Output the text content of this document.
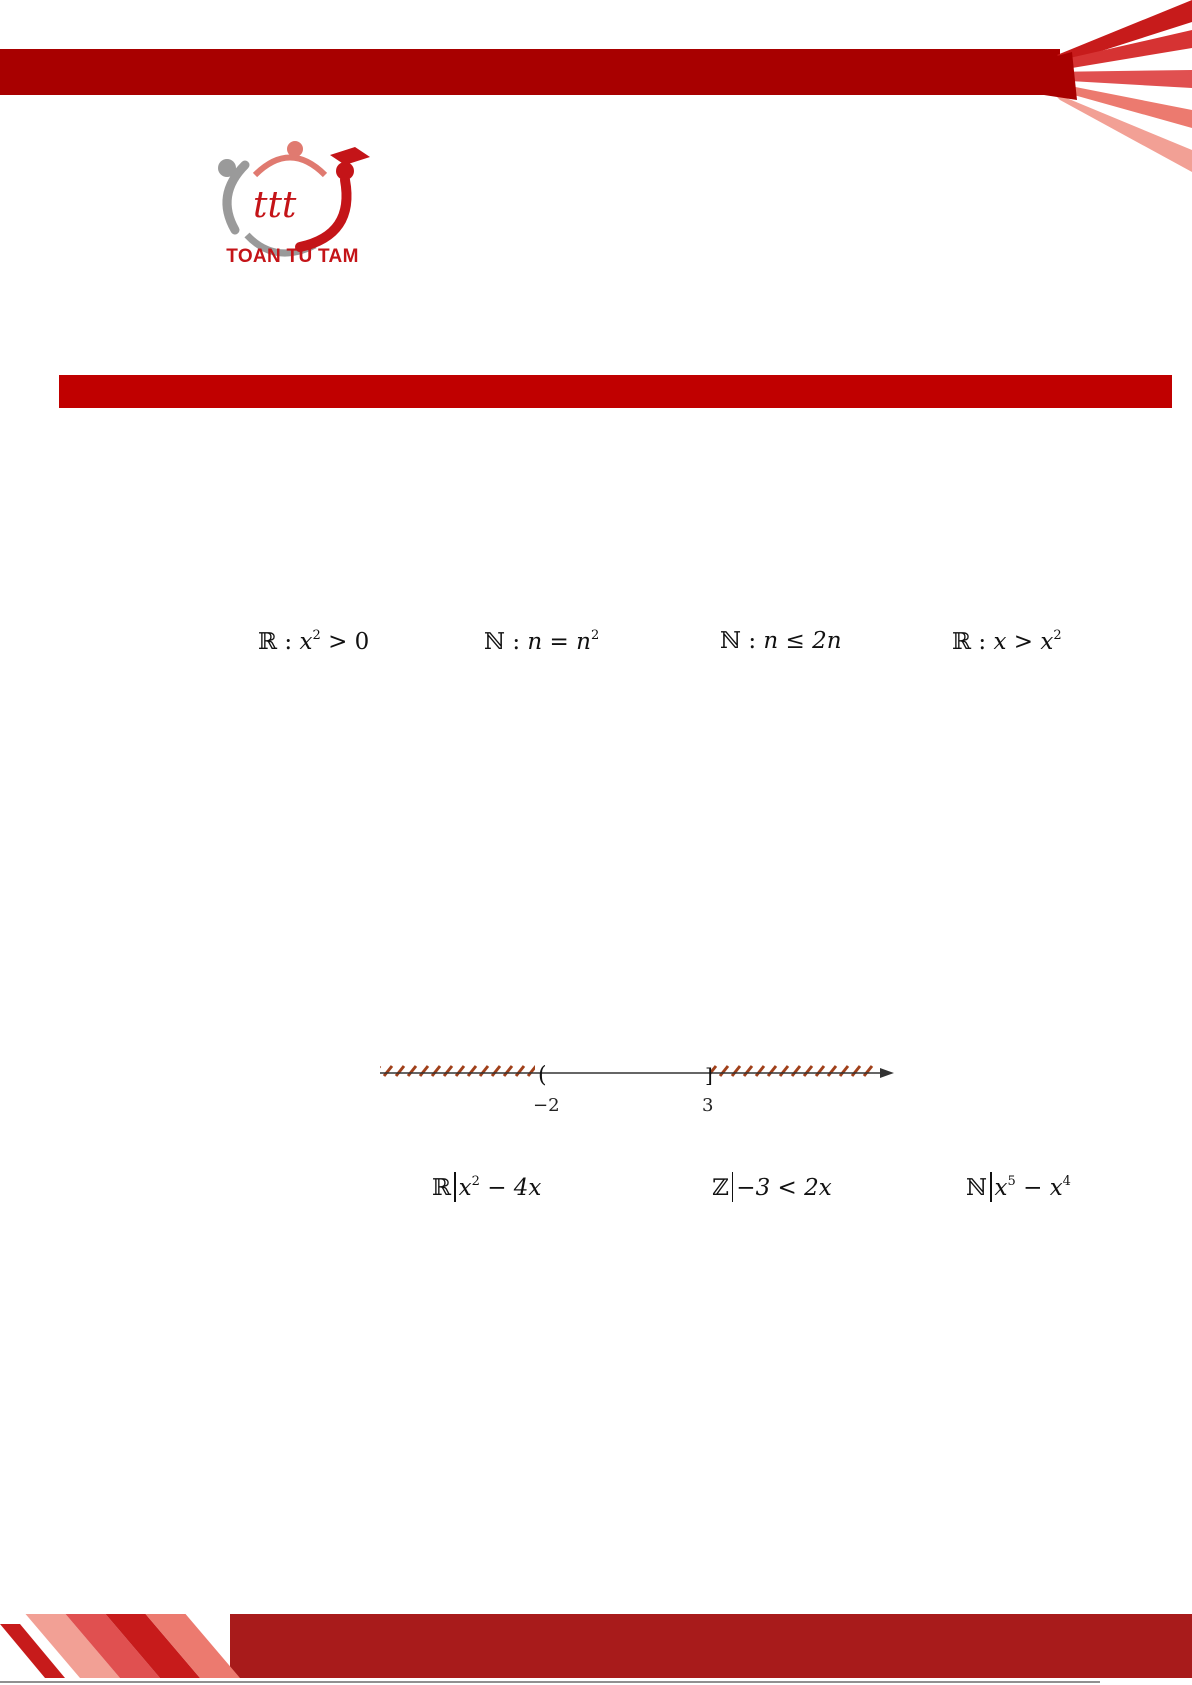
ttt
TOAN TU TAM
ℝ : $x^2 > 0$	ℕ : $n = n^2$	ℕ : n ≤ 2n	ℝ : $x > x^2$
(	]
−2	3
ℝ $x^2 - 4x$	ℤ −3 < 2x	ℕ $x^5 - x^4$
